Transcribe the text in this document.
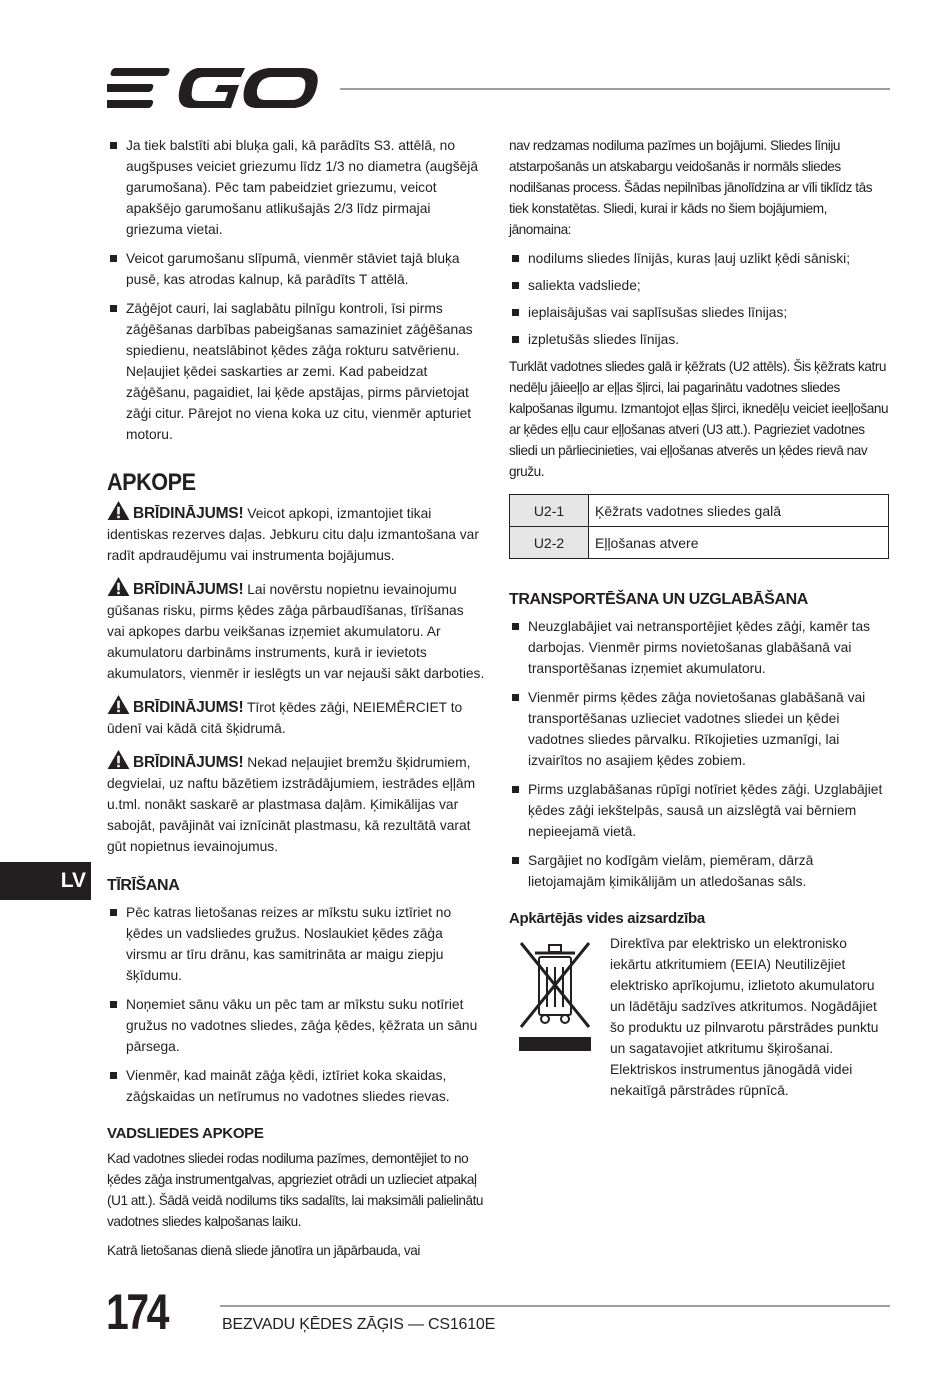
Ja tiek balstīti abi bluķa gali, kā parādīts S3. attēlā, no augšpuses veiciet griezumu līdz 1/3 no diametra (augšējā garumošana). Pēc tam pabeidziet griezumu, veicot apakšējo garumošanu atlikušajās 2/3 līdz pirmajai griezuma vietai.
Veicot garumošanu slīpumā, vienmēr stāviet tajā bluķa pusē, kas atrodas kalnup, kā parādīts T attēlā.
Zāģējot cauri, lai saglabātu pilnīgu kontroli, īsi pirms zāģēšanas darbības pabeigšanas samaziniet zāģēšanas spiedienu, neatslābinot ķēdes zāģa rokturu satvērienu. Neļaujiet ķēdei saskarties ar zemi. Kad pabeidzat zāģēšanu, pagaidiet, lai ķēde apstājas, pirms pārvietojat zāģi citur. Pārejot no viena koka uz citu, vienmēr apturiet motoru.
APKOPE

BRĪDINĀJUMS! Veicot apkopi, izmantojiet tikai identiskas rezerves daļas. Jebkuru citu daļu izmantošana var radīt apdraudējumu vai instrumenta bojājumus.

BRĪDINĀJUMS! Lai novērstu nopietnu ievainojumu gūšanas risku, pirms ķēdes zāģa pārbaudīšanas, tīrīšanas vai apkopes darbu veikšanas izņemiet akumulatoru. Ar akumulatoru darbināms instruments, kurā ir ievietots akumulators, vienmēr ir ieslēgts un var nejauši sākt darboties.

BRĪDINĀJUMS! Tīrot ķēdes zāģi, NEIEMĒRCIET to ūdenī vai kādā citā šķidrumā.

BRĪDINĀJUMS! Nekad neļaujiet bremžu šķidrumiem, degvielai, uz naftu bāzētiem izstrādājumiem, iestrādes eļļām u.tml. nonākt saskarē ar plastmasa daļām. Ķimikālijas var sabojāt, pavājināt vai iznīcināt plastmasu, kā rezultātā varat gūt nopietnus ievainojumus.

TĪRĪŠANA
Pēc katras lietošanas reizes ar mīkstu suku iztīriet no ķēdes un vadsliedes gružus. Noslaukiet ķēdes zāģa virsmu ar tīru drānu, kas samitrināta ar maigu ziepju šķīdumu.
Noņemiet sānu vāku un pēc tam ar mīkstu suku notīriet gružus no vadotnes sliedes, zāģa ķēdes, ķēžrata un sānu pārsega.
Vienmēr, kad maināt zāģa ķēdi, iztīriet koka skaidas, zāģskaidas un netīrumus no vadotnes sliedes rievas.
VADSLIEDES APKOPE

Kad vadotnes sliedei rodas nodiluma pazīmes, demontējiet to no ķēdes zāģa instrumentgalvas, apgrieziet otrādi un uzlieciet atpakaļ (U1 att.). Šādā veidā nodilums tiks sadalīts, lai maksimāli palielinātu vadotnes sliedes kalpošanas laiku.

Katrā lietošanas dienā sliede jānotīra un jāpārbauda, vai

nav redzamas nodiluma pazīmes un bojājumi. Sliedes līniju atstarpošanās un atskabargu veidošanās ir normāls sliedes nodilšanas process. Šādas nepilnības jānolīdzina ar vīli tiklīdz tās tiek konstatētas. Sliedi, kurai ir kāds no šiem bojājumiem, jānomaina:

nodilums sliedes līnijās, kuras ļauj uzlikt ķēdi sāniski;
saliekta vadsliede;
ieplaisājušas vai saplīsušas sliedes līnijas;
izpletušās sliedes līnijas.

Turklāt vadotnes sliedes galā ir ķēžrats (U2 attēls). Šis ķēžrats katru nedēļu jāieeļļo ar eļļas šļirci, lai pagarinātu vadotnes sliedes kalpošanas ilgumu. Izmantojot eļļas šļirci, iknedēļu veiciet ieeļļošanu ar ķēdes eļļu caur eļļošanas atveri (U3 att.). Pagrieziet vadotnes sliedi un pārliecinieties, vai eļļošanas atverēs un ķēdes rievā nav gružu.

U2-1	Ķēžrats vadotnes sliedes galā
U2-2	Eļļošanas atvere
TRANSPORTĒŠANA UN UZGLABĀŠANA
Neuzglabājiet vai netransportējiet ķēdes zāģi, kamēr tas darbojas. Vienmēr pirms novietošanas glabāšanā vai transportēšanas izņemiet akumulatoru.
Vienmēr pirms ķēdes zāģa novietošanas glabāšanā vai transportēšanas uzlieciet vadotnes sliedei un ķēdei vadotnes sliedes pārvalku. Rīkojieties uzmanīgi, lai izvairītos no asajiem ķēdes zobiem.
Pirms uzglabāšanas rūpīgi notīriet ķēdes zāģi. Uzglabājiet ķēdes zāģi iekštelpās, sausā un aizslēgtā vai bērniem nepieejamā vietā.
Sargājiet no kodīgām vielām, piemēram, dārzā lietojamajām ķimikālijām un atledošanas sāls.
Apkārtējās vides aizsardzība
Direktīva par elektrisko un elektronisko iekārtu atkritumiem (EEIA) Neutilizējiet elektrisko aprīkojumu, izlietoto akumulatoru un lādētāju sadzīves atkritumos. Nogādājiet šo produktu uz pilnvarotu pārstrādes punktu un sagatavojiet atkritumu šķirošanai. Elektriskos instrumentus jānogādā videi nekaitīgā pārstrādes rūpnīcā.
LV
174	BEZVADU ĶĒDES ZĀĢIS — CS1610E
